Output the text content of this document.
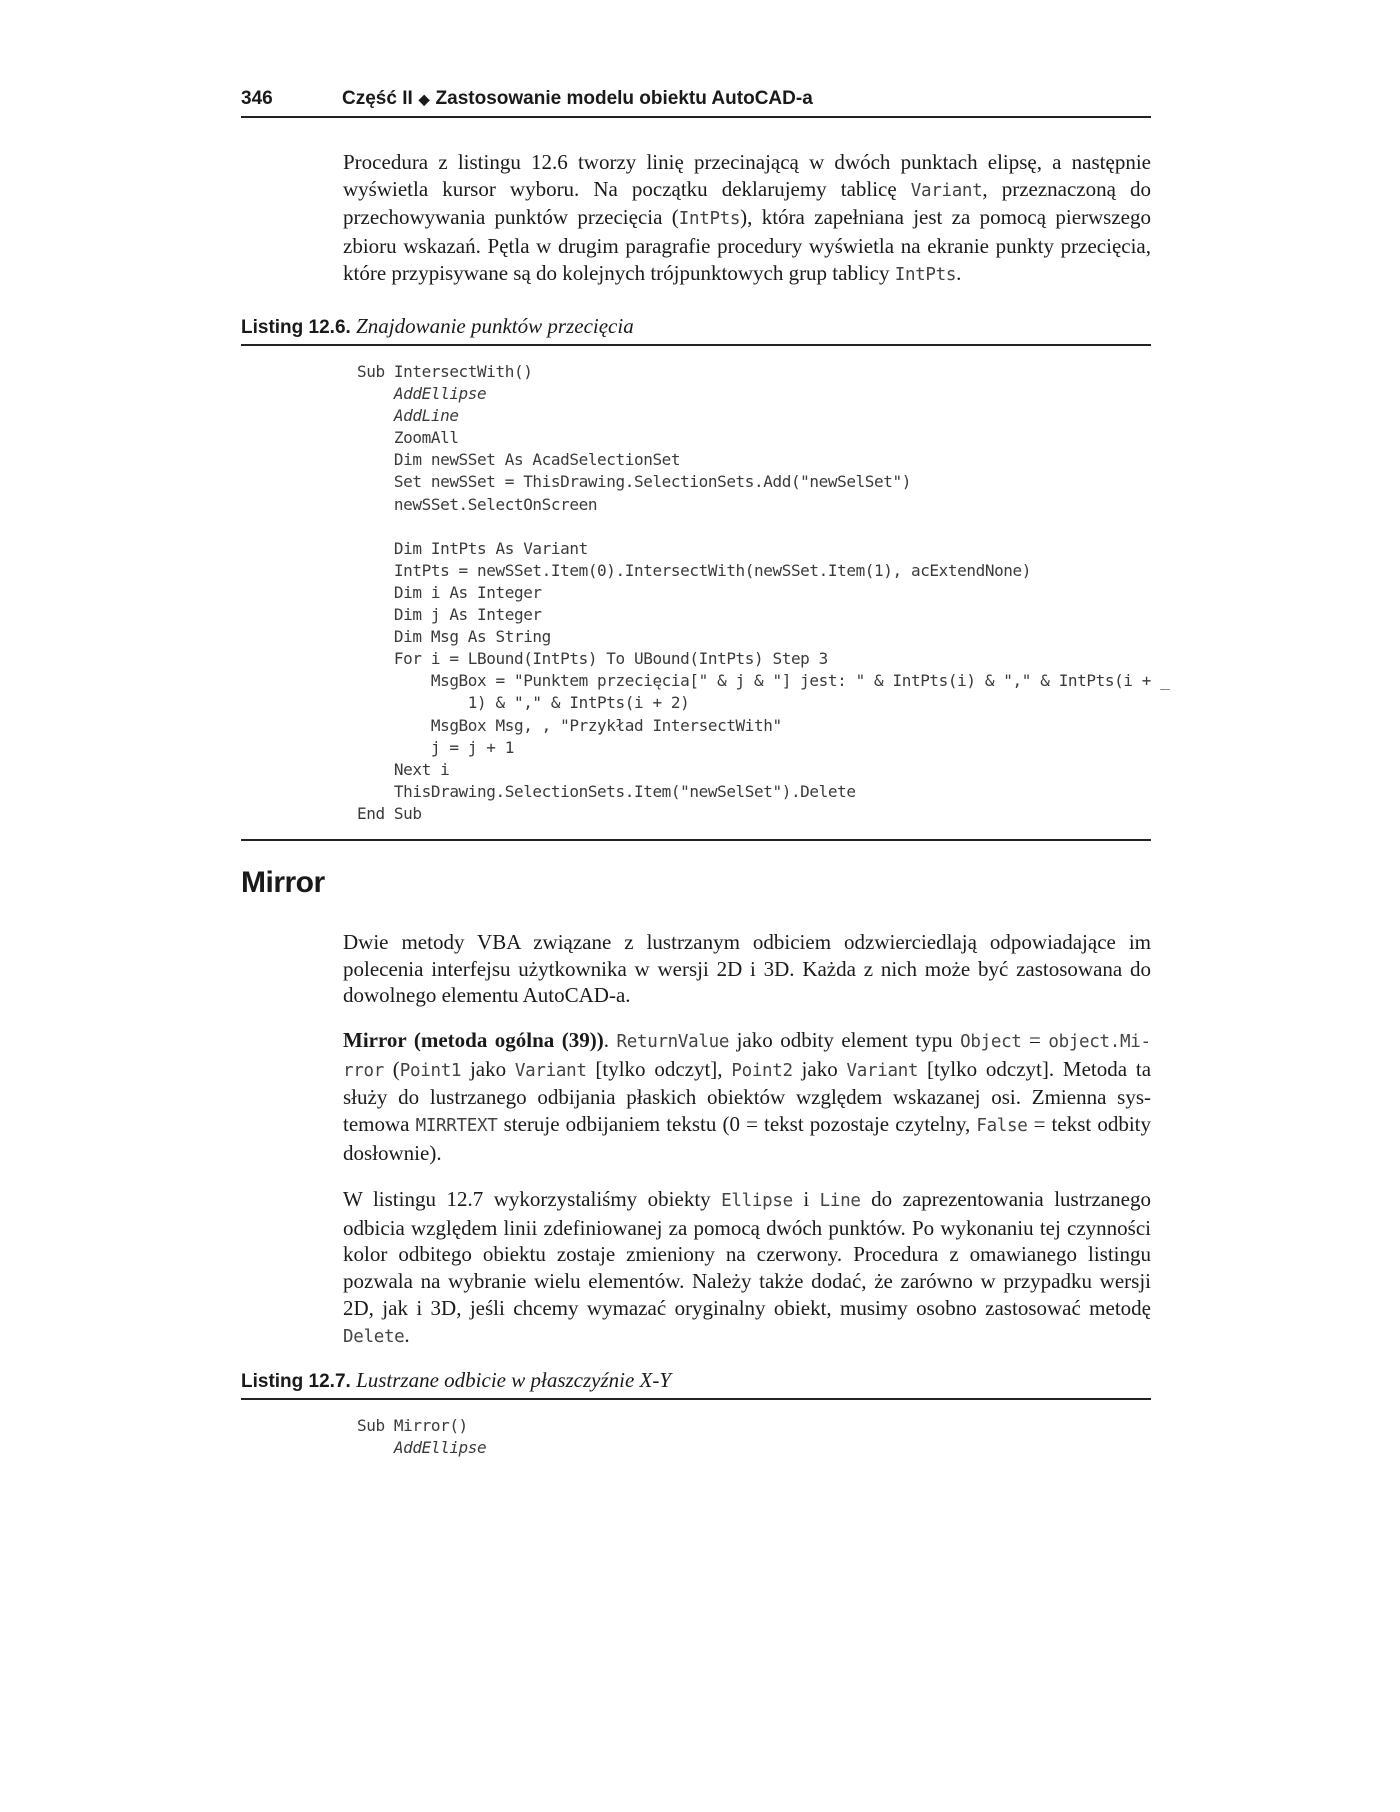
346	Część II ◆ Zastosowanie modelu obiektu AutoCAD-a

Procedura z listingu 12.6 tworzy linię przecinającą w dwóch punktach elipsę, a następnie wyświetla kursor wyboru. Na początku deklarujemy tablicę Variant, przeznaczoną do przechowywania punktów przecięcia (IntPts), która zapełniana jest za pomocą pierwszego zbioru wskazań. Pętla w drugim paragrafie procedury wyświetla na ekranie punkty przecięcia, które przypisywane są do kolejnych trójpunktowych grup tablicy IntPts.

Listing 12.6. Znajdowanie punktów przecięcia
Sub IntersectWith()
AddEllipse
AddLine
ZoomAll
Dim newSSet As AcadSelectionSet
Set newSSet = ThisDrawing.SelectionSets.Add("newSelSet")
newSSet.SelectOnScreen
Dim IntPts As Variant
IntPts = newSSet.Item(0).IntersectWith(newSSet.Item(1), acExtendNone)
Dim i As Integer
Dim j As Integer
Dim Msg As String
For i = LBound(IntPts) To UBound(IntPts) Step 3
MsgBox = "Punktem przecięcia[" & j & "] jest: " & IntPts(i) & "," & IntPts(i + _
1) & "," & IntPts(i + 2)
MsgBox Msg, , "Przykład IntersectWith"
j = j + 1
Next i
ThisDrawing.SelectionSets.Item("newSelSet").Delete
End Sub
Mirror

Dwie metody VBA związane z lustrzanym odbiciem odzwierciedlają odpowiadające im polecenia interfejsu użytkownika w wersji 2D i 3D. Każda z nich może być zastosowana do dowolnego elementu AutoCAD-a.

Mirror (metoda ogólna (39)). ReturnValue jako odbity element typu Object = object.Mirror (Point1 jako Variant [tylko odczyt], Point2 jako Variant [tylko odczyt]. Metoda ta służy do lustrzanego odbijania płaskich obiektów względem wskazanej osi. Zmienna systemowa MIRRTEXT steruje odbijaniem tekstu (0 = tekst pozostaje czytelny, False = tekst odbity dosłownie).

W listingu 12.7 wykorzystaliśmy obiekty Ellipse i Line do zaprezentowania lustrzanego odbicia względem linii zdefiniowanej za pomocą dwóch punktów. Po wykonaniu tej czynności kolor odbitego obiektu zostaje zmieniony na czerwony. Procedura z omawianego listingu pozwala na wybranie wielu elementów. Należy także dodać, że zarówno w przypadku wersji 2D, jak i 3D, jeśli chcemy wymazać oryginalny obiekt, musimy osobno zastosować metodę Delete.

Listing 12.7. Lustrzane odbicie w płaszczyźnie X-Y
Sub Mirror()
AddEllipse
